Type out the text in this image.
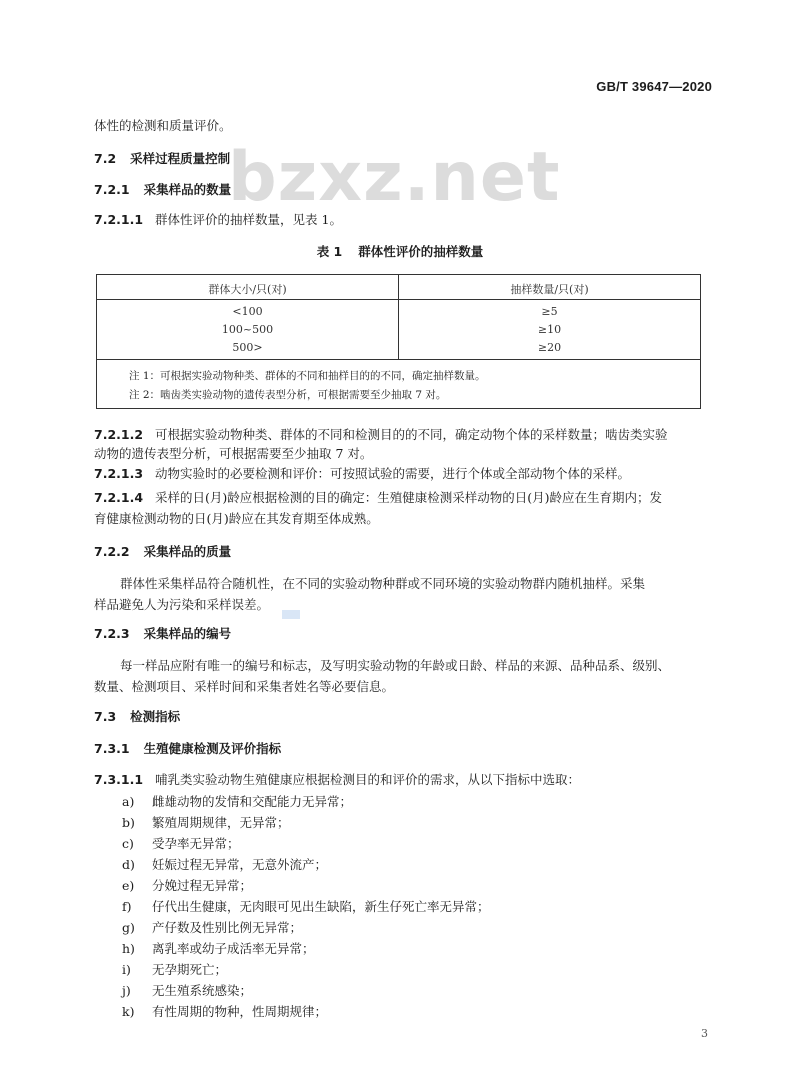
GB/T 39647—2020
bzxz.net
体性的检测和质量评价。
7.2 采样过程质量控制
7.2.1 采集样品的数量
7.2.1.1 群体性评价的抽样数量，见表 1。
表 1 群体性评价的抽样数量
群体大小/只(对)	抽样数量/只(对)
<100	≥5
100~500	≥10
500>	≥20
注 1：可根据实验动物种类、群体的不同和抽样目的的不同，确定抽样数量。
注 2：啮齿类实验动物的遗传表型分析，可根据需要至少抽取 7 对。
7.2.1.2 可根据实验动物种类、群体的不同和检测目的的不同，确定动物个体的采样数量；啮齿类实验
动物的遗传表型分析，可根据需要至少抽取 7 对。
7.2.1.3 动物实验时的必要检测和评价：可按照试验的需要，进行个体或全部动物个体的采样。
7.2.1.4 采样的日(月)龄应根据检测的目的确定：生殖健康检测采样动物的日(月)龄应在生育期内；发
育健康检测动物的日(月)龄应在其发育期至体成熟。
7.2.2 采集样品的质量
群体性采集样品符合随机性，在不同的实验动物种群或不同环境的实验动物群内随机抽样。采集
样品避免人为污染和采样误差。
7.2.3 采集样品的编号
每一样品应附有唯一的编号和标志，及写明实验动物的年龄或日龄、样品的来源、品种品系、级别、
数量、检测项目、采样时间和采集者姓名等必要信息。
7.3 检测指标
7.3.1 生殖健康检测及评价指标
7.3.1.1 哺乳类实验动物生殖健康应根据检测目的和评价的需求，从以下指标中选取：
a) 雌雄动物的发情和交配能力无异常；
b) 繁殖周期规律，无异常；
c) 受孕率无异常；
d) 妊娠过程无异常，无意外流产；
e) 分娩过程无异常；
f) 仔代出生健康，无肉眼可见出生缺陷，新生仔死亡率无异常；
g) 产仔数及性别比例无异常；
h) 离乳率或幼子成活率无异常；
i) 无孕期死亡；
j) 无生殖系统感染；
k) 有性周期的物种，性周期规律；
3
